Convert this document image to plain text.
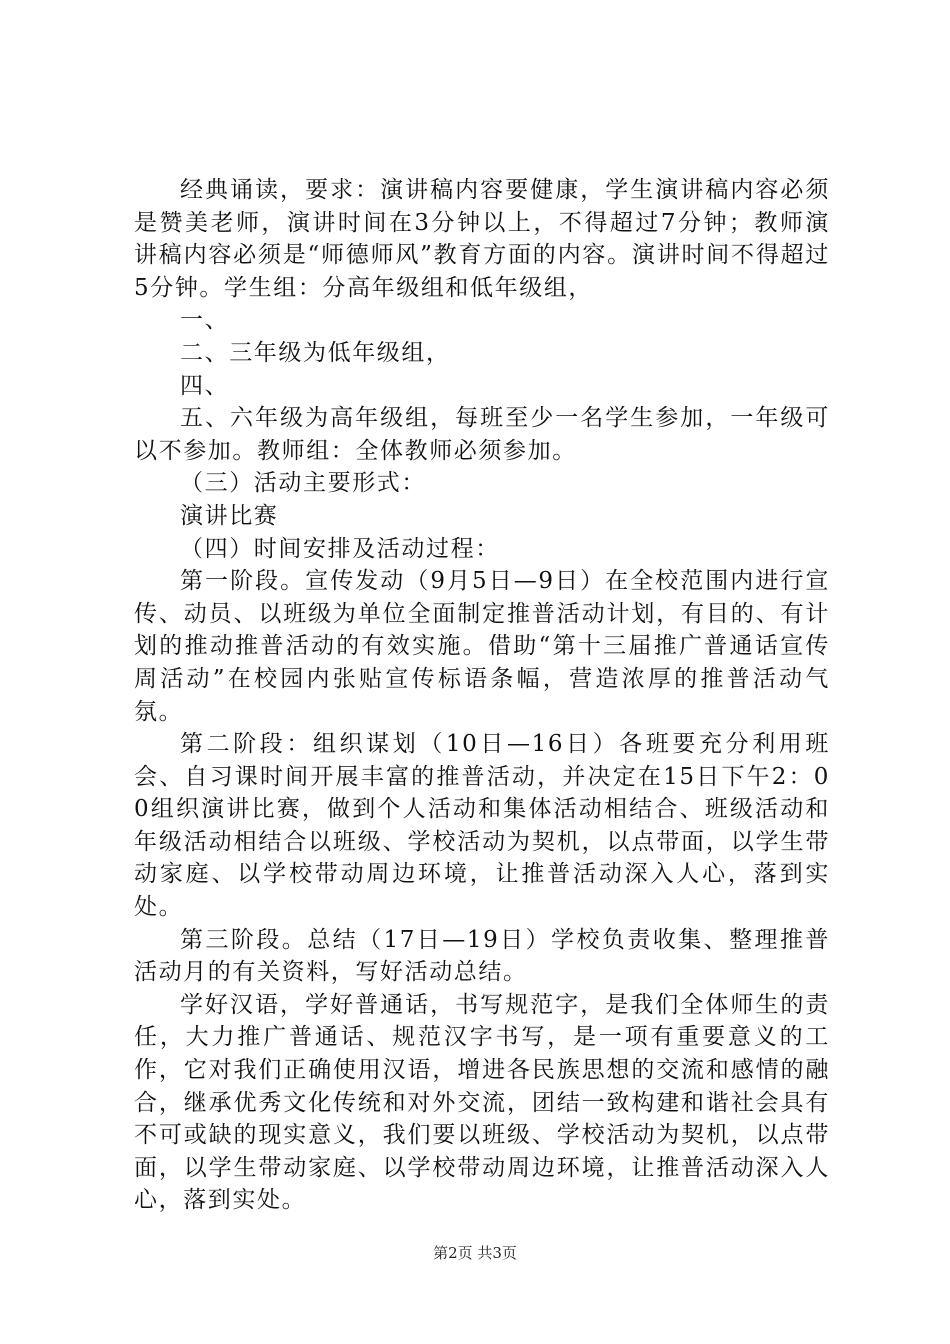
经典诵读，要求：演讲稿内容要健康，学生演讲稿内容必须是赞美老师，演讲时间在3分钟以上，不得超过7分钟；教师演讲稿内容必须是“师德师风”教育方面的内容。演讲时间不得超过5分钟。学生组：分高年级组和低年级组，

一、

二、三年级为低年级组，

四、

五、六年级为高年级组，每班至少一名学生参加，一年级可以不参加。教师组：全体教师必须参加。

（三）活动主要形式：

演讲比赛

（四）时间安排及活动过程：

第一阶段。宣传发动（9月5日—9日）在全校范围内进行宣传、动员、以班级为单位全面制定推普活动计划，有目的、有计划的推动推普活动的有效实施。借助“第十三届推广普通话宣传周活动”在校园内张贴宣传标语条幅，营造浓厚的推普活动气氛。

第二阶段：组织谋划（10日—16日）各班要充分利用班会、自习课时间开展丰富的推普活动，并决定在15日下午2：00组织演讲比赛，做到个人活动和集体活动相结合、班级活动和年级活动相结合以班级、学校活动为契机，以点带面，以学生带动家庭、以学校带动周边环境，让推普活动深入人心，落到实处。

第三阶段。总结（17日—19日）学校负责收集、整理推普活动月的有关资料，写好活动总结。

学好汉语，学好普通话，书写规范字，是我们全体师生的责任，大力推广普通话、规范汉字书写，是一项有重要意义的工作，它对我们正确使用汉语，增进各民族思想的交流和感情的融合，继承优秀文化传统和对外交流，团结一致构建和谐社会具有不可或缺的现实意义，我们要以班级、学校活动为契机，以点带面，以学生带动家庭、以学校带动周边环境，让推普活动深入人心，落到实处。

第2页 共3页
